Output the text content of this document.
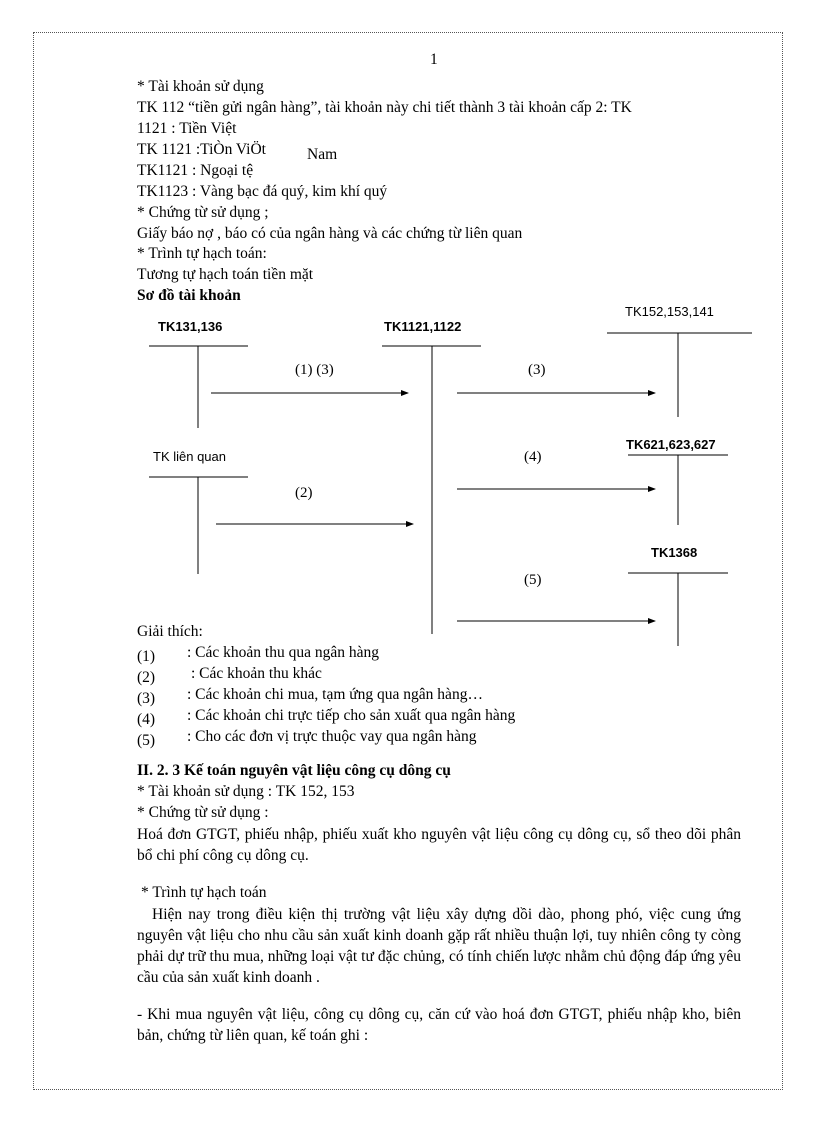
1
* Tài khoản sử dụng
TK 112 “tiền gửi ngân hàng”, tài khoản này chi tiết thành 3 tài khoản cấp 2: TK
1121 : Tiền Việt
TK 1121 :TiÒn ViÖt	Nam
TK1121 : Ngoại tệ
TK1123 : Vàng bạc đá quý, kim khí quý
* Chứng từ sử dụng ;
Giấy báo nợ , báo có của ngân hàng và các chứng từ liên quan
* Trình tự hạch toán:
Tương tự hạch toán tiền mặt
Sơ đồ tài khoản
TK131,136	TK1121,1122
TK152,153,141
TK liên quan
TK621,623,627
TK1368
(1) (3)	(3)
(2)
(4)
(5)
Giải thích:
(1) : Các khoản thu qua ngân hàng
(2) : Các khoản thu khác
(3) : Các khoản chi mua, tạm ứng qua ngân hàng…
(4) : Các khoản chi trực tiếp cho sản xuất qua ngân hàng
(5) : Cho các đơn vị trực thuộc vay qua ngân hàng
II. 2. 3 Kế toán nguyên vật liệu công cụ dông cụ
* Tài khoản sử dụng : TK 152, 153
* Chứng từ sử dụng :
Hoá đơn GTGT, phiếu nhập, phiếu xuất kho nguyên vật liệu công cụ dông cụ, sổ theo dõi phân bổ chi phí công cụ dông cụ.
* Trình tự hạch toán
Hiện nay trong điều kiện thị trường vật liệu xây dựng dồi dào, phong phó, việc cung ứng nguyên vật liệu cho nhu cầu sản xuất kinh doanh gặp rất nhiều thuận lợi, tuy nhiên công ty còng phải dự trữ thu mua, những loại vật tư đặc chủng, có tính chiến lược nhằm chủ động đáp ứng yêu cầu của sản xuất kinh doanh .
- Khi mua nguyên vật liệu, công cụ dông cụ, căn cứ vào hoá đơn GTGT, phiếu nhập kho, biên bản, chứng từ liên quan, kế toán ghi :
